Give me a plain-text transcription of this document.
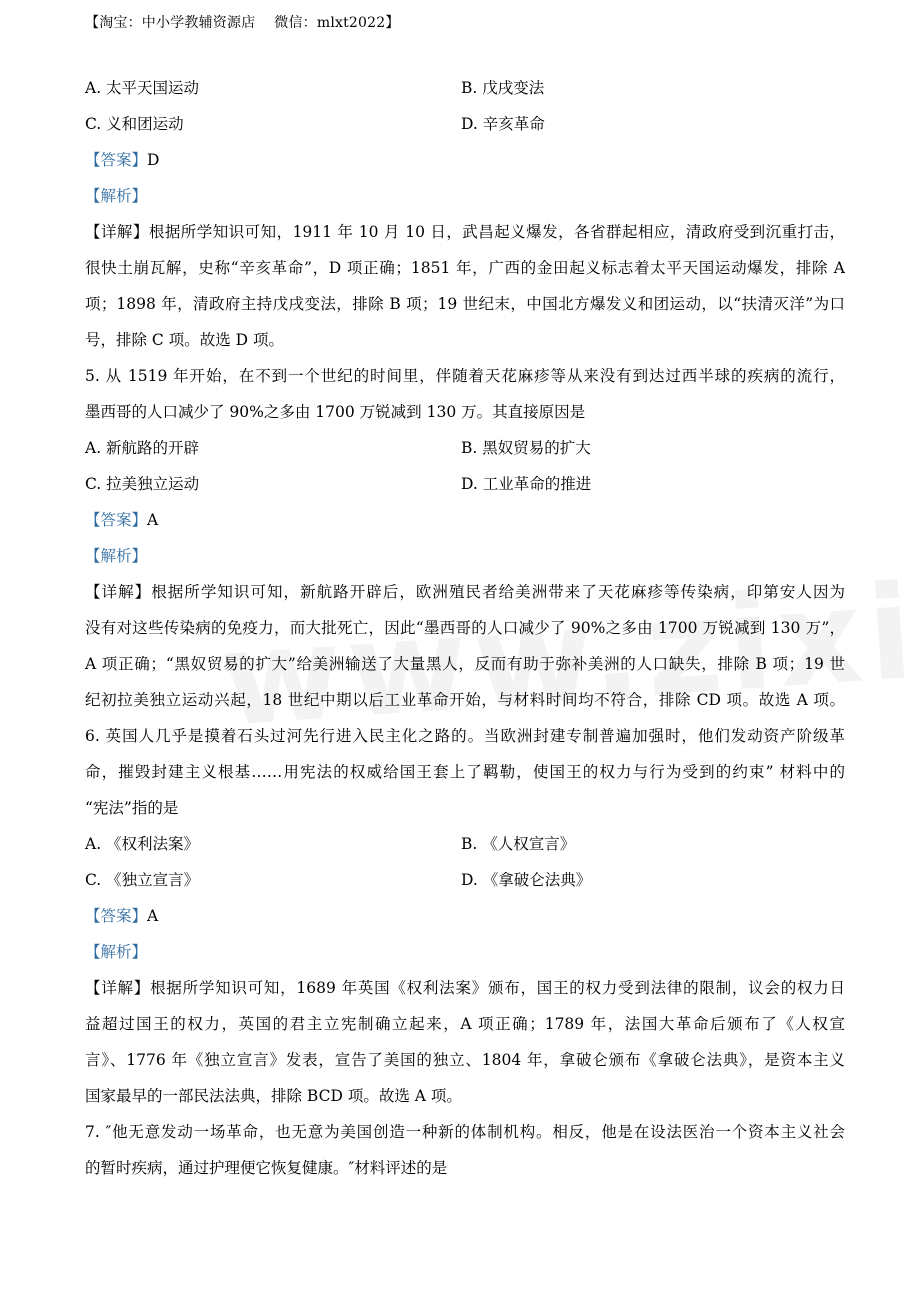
【淘宝：中小学教辅资源店　 微信：mlxt2022】
A. 太平天国运动	B. 戊戌变法
C. 义和团运动	D. 辛亥革命
【答案】D
【解析】
【详解】根据所学知识可知，1911 年 10 月 10 日，武昌起义爆发，各省群起相应，清政府受到沉重打击，
很快土崩瓦解，史称“辛亥革命”，D 项正确；1851 年，广西的金田起义标志着太平天国运动爆发，排除 A
项；1898 年，清政府主持戊戌变法，排除 B 项；19 世纪末，中国北方爆发义和团运动，以“扶清灭洋”为口
号，排除 C 项。故选 D 项。
5. 从 1519 年开始，在不到一个世纪的时间里，伴随着天花麻疹等从来没有到达过西半球的疾病的流行，
墨西哥的人口减少了 90%之多由 1700 万锐减到 130 万。其直接原因是
A. 新航路的开辟	B. 黑奴贸易的扩大
C. 拉美独立运动	D. 工业革命的推进
【答案】A
【解析】
【详解】根据所学知识可知，新航路开辟后，欧洲殖民者给美洲带来了天花麻疹等传染病，印第安人因为
没有对这些传染病的免疫力，而大批死亡，因此“墨西哥的人口减少了 90%之多由 1700 万锐减到 130 万”，
A 项正确；“黑奴贸易的扩大”给美洲输送了大量黑人，反而有助于弥补美洲的人口缺失，排除 B 项；19 世
纪初拉美独立运动兴起，18 世纪中期以后工业革命开始，与材料时间均不符合，排除 CD 项。故选 A 项。
6. 英国人几乎是摸着石头过河先行进入民主化之路的。当欧洲封建专制普遍加强时，他们发动资产阶级革
命，摧毁封建主义根基……用宪法的权威给国王套上了羁勒，使国王的权力与行为受到的约束” 材料中的
“宪法”指的是
A. 《权利法案》	B. 《人权宣言》
C. 《独立宣言》	D. 《拿破仑法典》
【答案】A
【解析】
【详解】根据所学知识可知，1689 年英国《权利法案》颁布，国王的权力受到法律的限制，议会的权力日
益超过国王的权力，英国的君主立宪制确立起来，A 项正确；1789 年，法国大革命后颁布了《人权宣
言》、1776 年《独立宣言》发表，宣告了美国的独立、1804 年，拿破仑颁布《拿破仑法典》，是资本主义
国家最早的一部民法法典，排除 BCD 项。故选 A 项。
7. ″他无意发动一场革命，也无意为美国创造一种新的体制机构。相反，他是在设法医治一个资本主义社会
的暂时疾病，通过护理便它恢复健康。″材料评述的是
